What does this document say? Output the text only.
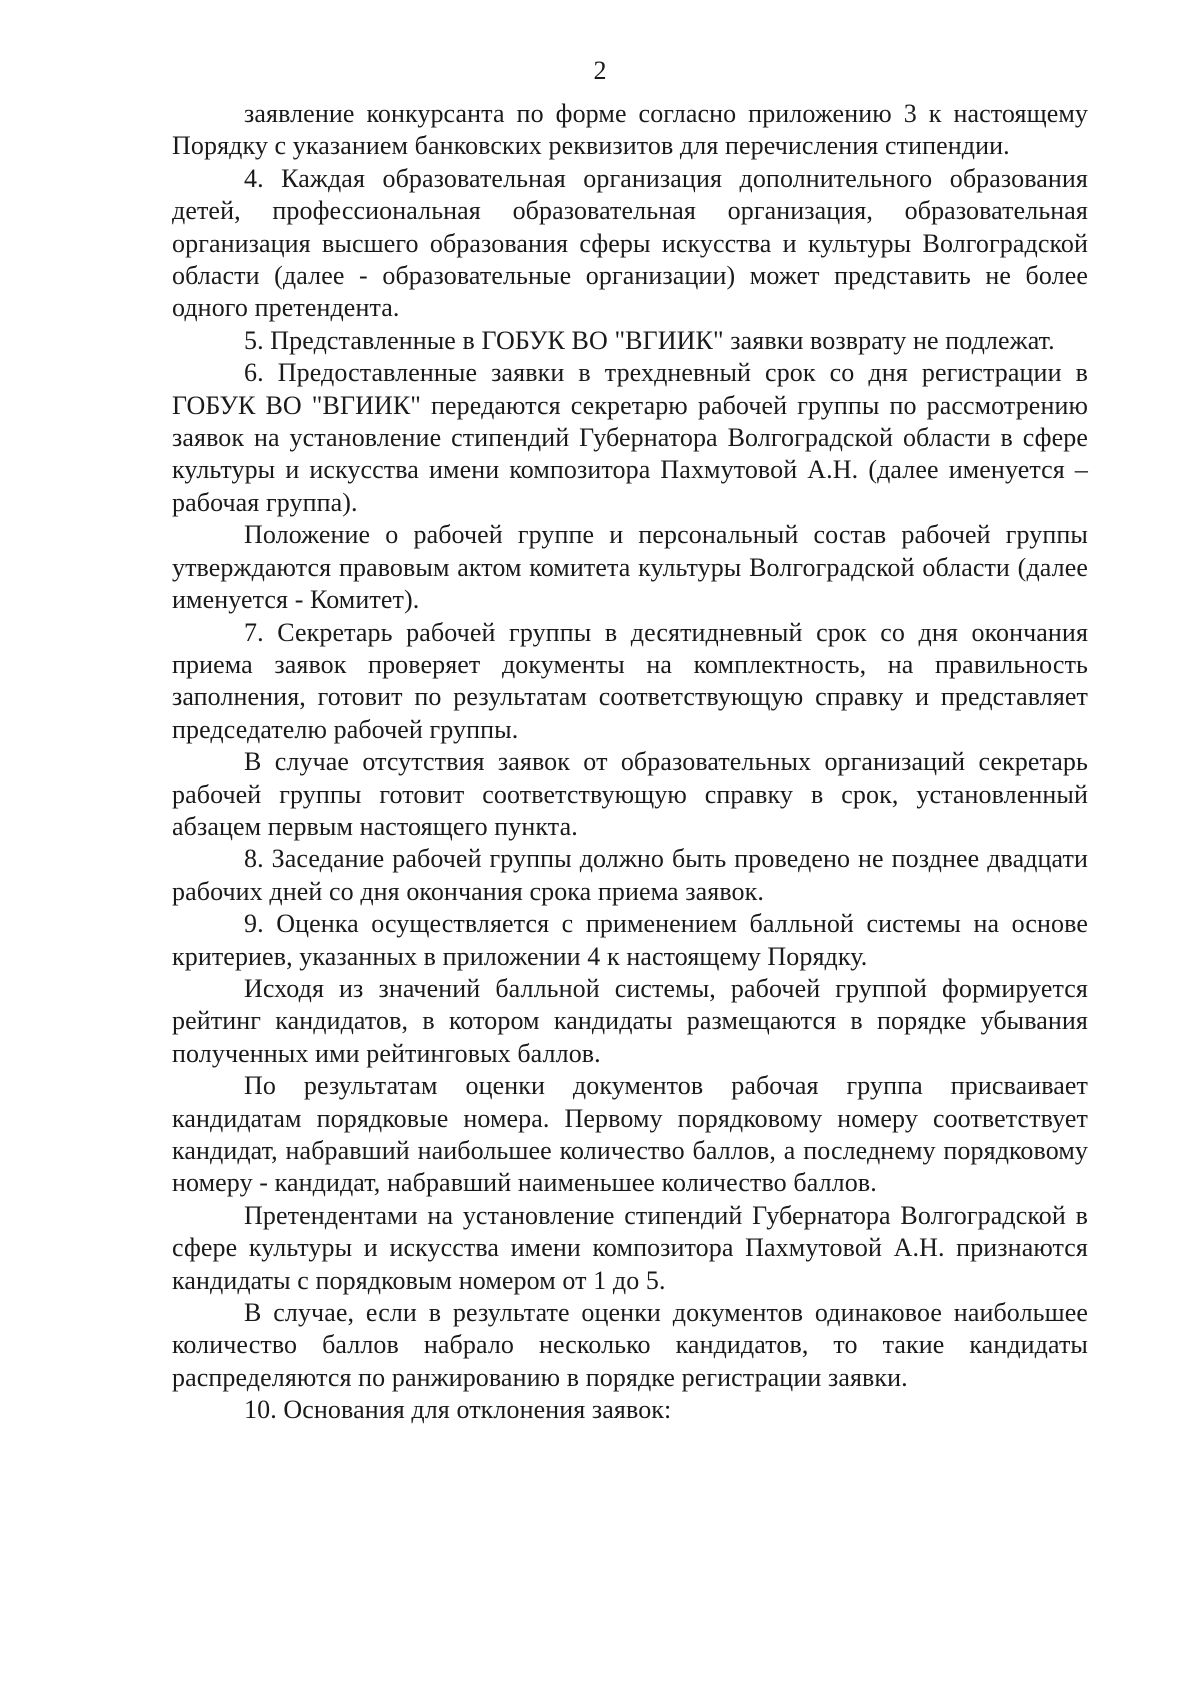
2

заявление конкурсанта по форме согласно приложению 3 к настоящему Порядку с указанием банковских реквизитов для перечисления стипендии.

4. Каждая образовательная организация дополнительного образования детей, профессиональная образовательная организация, образовательная организация высшего образования сферы искусства и культуры Волгоградской области (далее - образовательные организации) может представить не более одного претендента.

5. Представленные в ГОБУК ВО "ВГИИК" заявки возврату не подлежат.

6. Предоставленные заявки в трехдневный срок со дня регистрации в ГОБУК ВО "ВГИИК" передаются секретарю рабочей группы по рассмотрению заявок на установление стипендий Губернатора Волгоградской области в сфере культуры и искусства имени композитора Пахмутовой А.Н. (далее именуется – рабочая группа).

Положение о рабочей группе и персональный состав рабочей группы утверждаются правовым актом комитета культуры Волгоградской области (далее именуется - Комитет).

7. Секретарь рабочей группы в десятидневный срок со дня окончания приема заявок проверяет документы на комплектность, на правильность заполнения, готовит по результатам соответствующую справку и представляет председателю рабочей группы.

В случае отсутствия заявок от образовательных организаций секретарь рабочей группы готовит соответствующую справку в срок, установленный абзацем первым настоящего пункта.

8. Заседание рабочей группы должно быть проведено не позднее двадцати рабочих дней со дня окончания срока приема заявок.

9. Оценка осуществляется с применением балльной системы на основе критериев, указанных в приложении 4 к настоящему Порядку.

Исходя из значений балльной системы, рабочей группой формируется рейтинг кандидатов, в котором кандидаты размещаются в порядке убывания полученных ими рейтинговых баллов.

По результатам оценки документов рабочая группа присваивает кандидатам порядковые номера. Первому порядковому номеру соответствует кандидат, набравший наибольшее количество баллов, а последнему порядковому номеру - кандидат, набравший наименьшее количество баллов.

Претендентами на установление стипендий Губернатора Волгоградской в сфере культуры и искусства имени композитора Пахмутовой А.Н. признаются кандидаты с порядковым номером от 1 до 5.

В случае, если в результате оценки документов одинаковое наибольшее количество баллов набрало несколько кандидатов, то такие кандидаты распределяются по ранжированию в порядке регистрации заявки.

10. Основания для отклонения заявок:
